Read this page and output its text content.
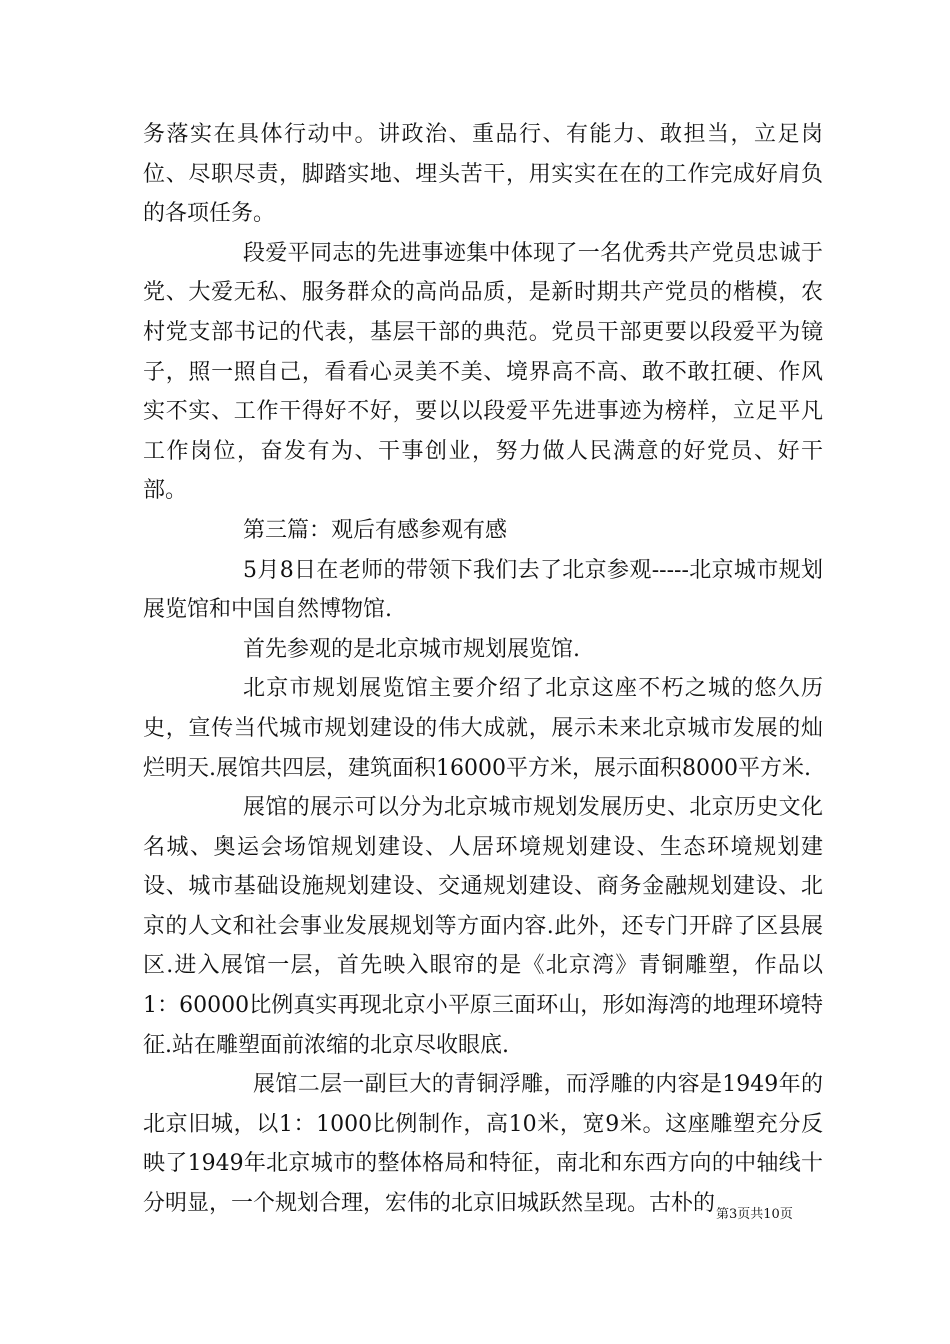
务落实在具体行动中。讲政治、重品行、有能力、敢担当，立足岗位、尽职尽责，脚踏实地、埋头苦干，用实实在在的工作完成好肩负的各项任务。

段爱平同志的先进事迹集中体现了一名优秀共产党员忠诚于党、大爱无私、服务群众的高尚品质，是新时期共产党员的楷模，农村党支部书记的代表，基层干部的典范。党员干部更要以段爱平为镜子，照一照自己，看看心灵美不美、境界高不高、敢不敢扛硬、作风实不实、工作干得好不好，要以以段爱平先进事迹为榜样，立足平凡工作岗位，奋发有为、干事创业，努力做人民满意的好党员、好干部。

第三篇：观后有感参观有感

5月8日在老师的带领下我们去了北京参观-----北京城市规划展览馆和中国自然博物馆.

首先参观的是北京城市规划展览馆.

北京市规划展览馆主要介绍了北京这座不朽之城的悠久历史，宣传当代城市规划建设的伟大成就，展示未来北京城市发展的灿烂明天.展馆共四层，建筑面积16000平方米，展示面积8000平方米.

展馆的展示可以分为北京城市规划发展历史、北京历史文化名城、奥运会场馆规划建设、人居环境规划建设、生态环境规划建设、城市基础设施规划建设、交通规划建设、商务金融规划建设、北京的人文和社会事业发展规划等方面内容.此外，还专门开辟了区县展区.进入展馆一层，首先映入眼帘的是《北京湾》青铜雕塑，作品以1：60000比例真实再现北京小平原三面环山，形如海湾的地理环境特征.站在雕塑面前浓缩的北京尽收眼底.

展馆二层一副巨大的青铜浮雕，而浮雕的内容是1949年的北京旧城，以1：1000比例制作，高10米，宽9米。这座雕塑充分反映了1949年北京城市的整体格局和特征，南北和东西方向的中轴线十分明显，一个规划合理，宏伟的北京旧城跃然呈现。古朴的 第3页共10页
